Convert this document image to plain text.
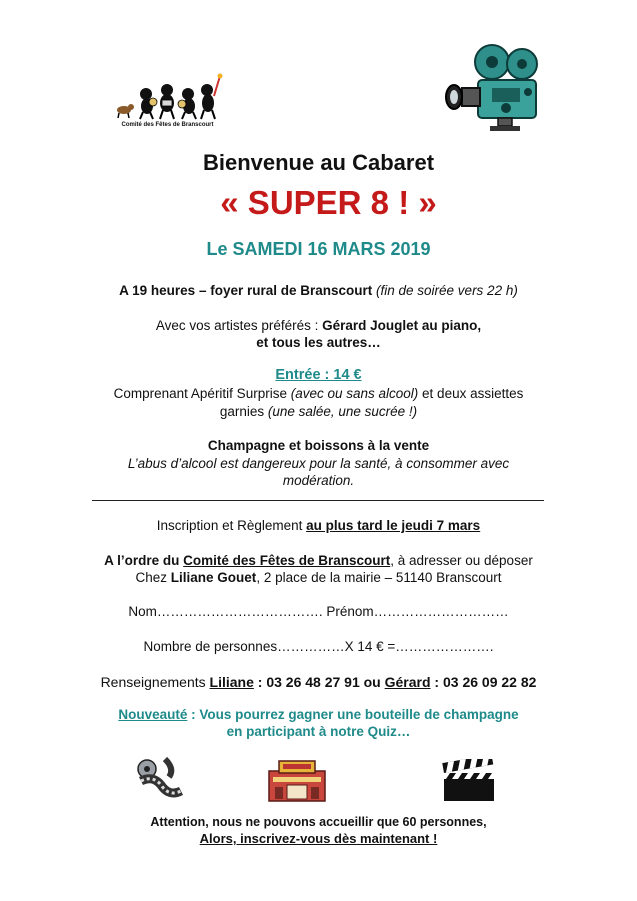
Comité des Fêtes de Branscourt
Bienvenue au Cabaret
« SUPER 8 ! »
Le SAMEDI 16 MARS 2019
A 19 heures – foyer rural de Branscourt (fin de soirée vers 22 h)
Avec vos artistes préférés : Gérard Jouglet au piano,
et tous les autres…
Entrée : 14 €
Comprenant Apéritif Surprise (avec ou sans alcool) et deux assiettes
garnies (une salée, une sucrée !)
Champagne et boissons à la vente
L’abus d’alcool est dangereux pour la santé, à consommer avec
modération.
Inscription et Règlement au plus tard le jeudi 7 mars
A l’ordre du Comité des Fêtes de Branscourt, à adresser ou déposer
Chez Liliane Gouet, 2 place de la mairie – 51140 Branscourt
Nom………………………………. Prénom…………………………
Nombre de personnes……………X 14 € =………………….
Renseignements Liliane : 03 26 48 27 91 ou Gérard : 03 26 09 22 82
Nouveauté : Vous pourrez gagner une bouteille de champagne
en participant à notre Quiz…
Attention, nous ne pouvons accueillir que 60 personnes,
Alors, inscrivez-vous dès maintenant !
